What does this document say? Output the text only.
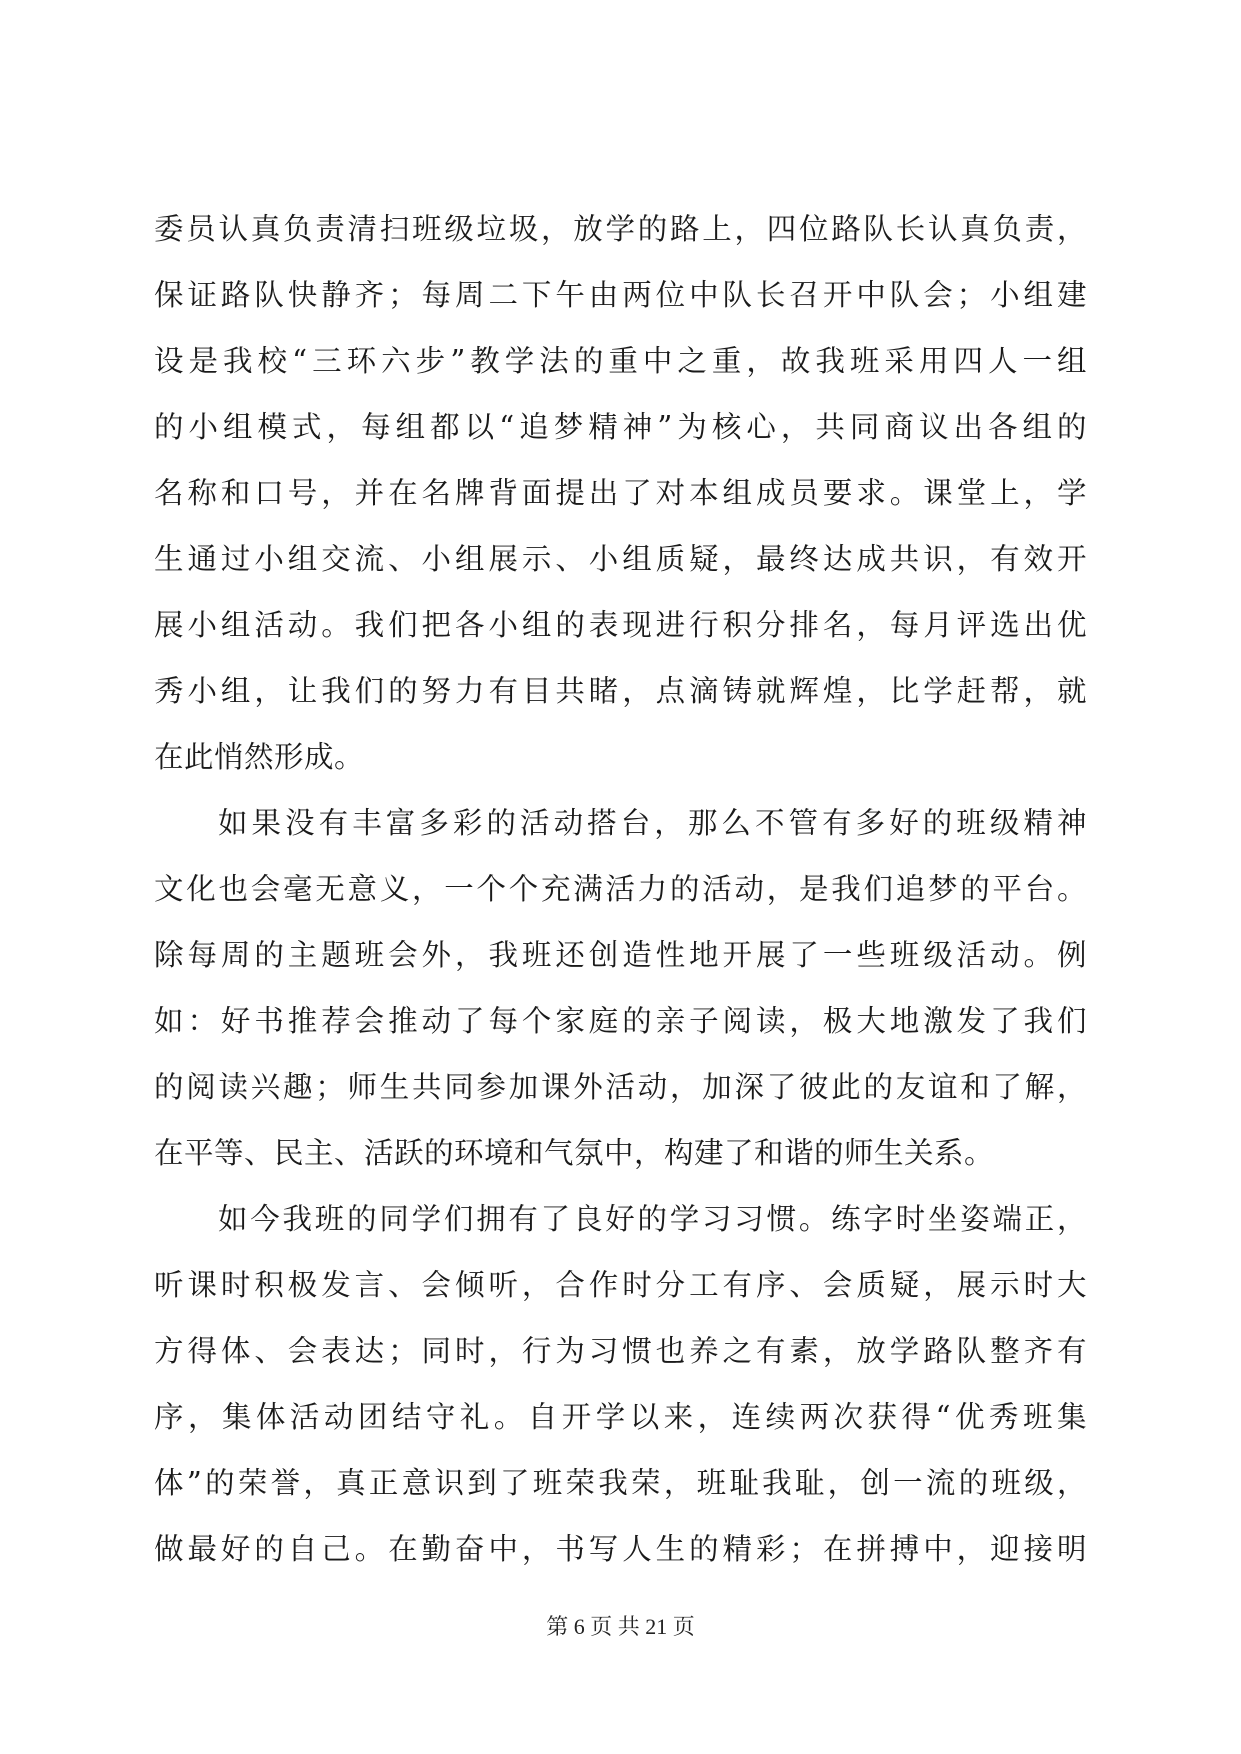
委员认真负责清扫班级垃圾，放学的路上，四位路队长认真负责，
保证路队快静齐；每周二下午由两位中队长召开中队会；小组建
设是我校“三环六步”教学法的重中之重，故我班采用四人一组
的小组模式，每组都以“追梦精神”为核心，共同商议出各组的
名称和口号，并在名牌背面提出了对本组成员要求。课堂上，学
生通过小组交流、小组展示、小组质疑，最终达成共识，有效开
展小组活动。我们把各小组的表现进行积分排名，每月评选出优
秀小组，让我们的努力有目共睹，点滴铸就辉煌，比学赶帮，就
在此悄然形成。
如果没有丰富多彩的活动搭台，那么不管有多好的班级精神
文化也会毫无意义，一个个充满活力的活动，是我们追梦的平台。
除每周的主题班会外，我班还创造性地开展了一些班级活动。例
如：好书推荐会推动了每个家庭的亲子阅读，极大地激发了我们
的阅读兴趣；师生共同参加课外活动，加深了彼此的友谊和了解，
在平等、民主、活跃的环境和气氛中，构建了和谐的师生关系。
如今我班的同学们拥有了良好的学习习惯。练字时坐姿端正，
听课时积极发言、会倾听，合作时分工有序、会质疑，展示时大
方得体、会表达；同时，行为习惯也养之有素，放学路队整齐有
序，集体活动团结守礼。自开学以来，连续两次获得“优秀班集
体”的荣誉，真正意识到了班荣我荣，班耻我耻，创一流的班级，
做最好的自己。在勤奋中，书写人生的精彩；在拼搏中，迎接明
第 6 页 共 21 页
